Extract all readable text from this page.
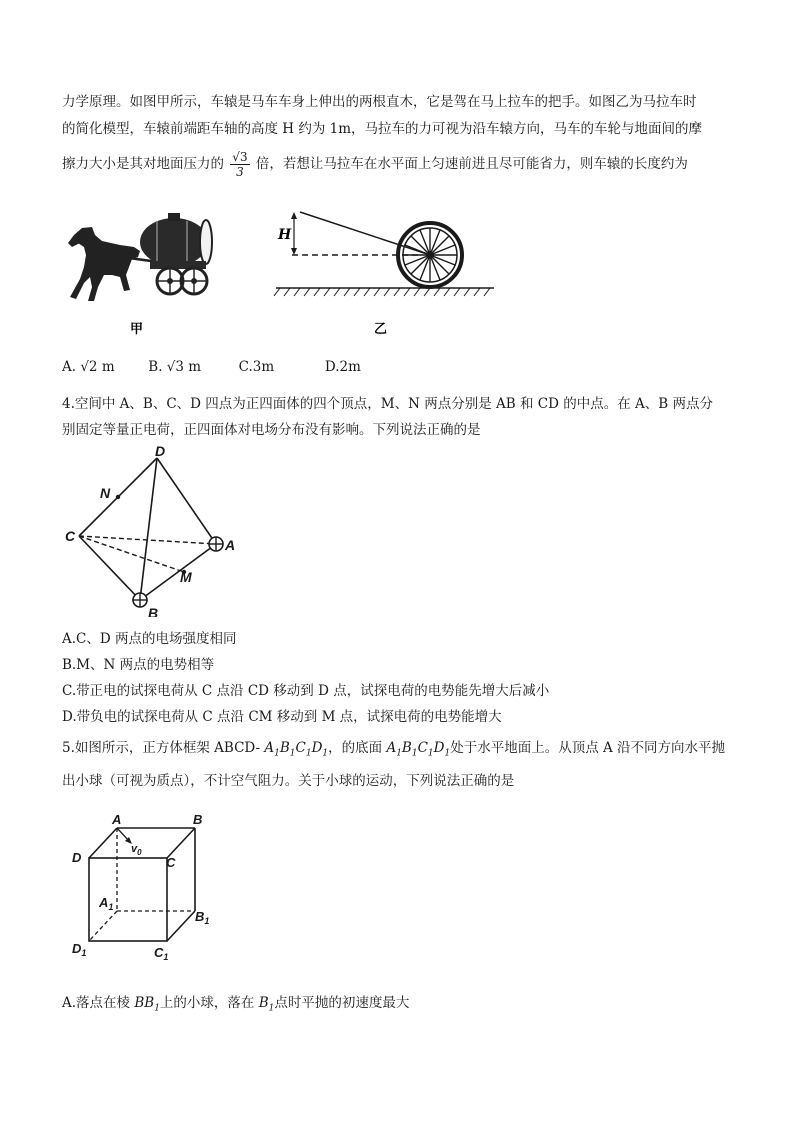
力学原理。如图甲所示，车辕是马车车身上伸出的两根直木，它是驾在马上拉车的把手。如图乙为马拉车时
的简化模型，车辕前端距车轴的高度 H 约为 1m，马拉车的力可视为沿车辕方向，马车的车轮与地面间的摩
擦力大小是其对地面压力的 $\frac{√3}{3}$ 倍，若想让马拉车在水平面上匀速前进且尽可能省力，则车辕的长度约为
甲
H
乙
A. √2 m B. √3 m	C.3m	D.2m
4.空间中 A、B、C、D 四点为正四面体的四个顶点，M、N 两点分别是 AB 和 CD 的中点。在 A、B 两点分
别固定等量正电荷，正四面体对电场分布没有影响。下列说法正确的是
D
N
C
A
M
B
A.C、D 两点的电场强度相同
B.M、N 两点的电势相等
C.带正电的试探电荷从 C 点沿 CD 移动到 D 点，试探电荷的电势能先增大后减小
D.带负电的试探电荷从 C 点沿 CM 移动到 M 点，试探电荷的电势能增大
5.如图所示，正方体框架 ABCD- $A_1B_1C_1D_1$，的底面 $A_1B_1C_1D_1$处于水平地面上。从顶点 A 沿不同方向水平抛
出小球（可视为质点），不计空气阻力。关于小球的运动，下列说法正确的是
A	B
C
D
$A_1$
$B_1$
$C_1$
$D_1$
$v_0$
A.落点在棱 $BB_1$上的小球，落在 $B_1$点时平抛的初速度最大
